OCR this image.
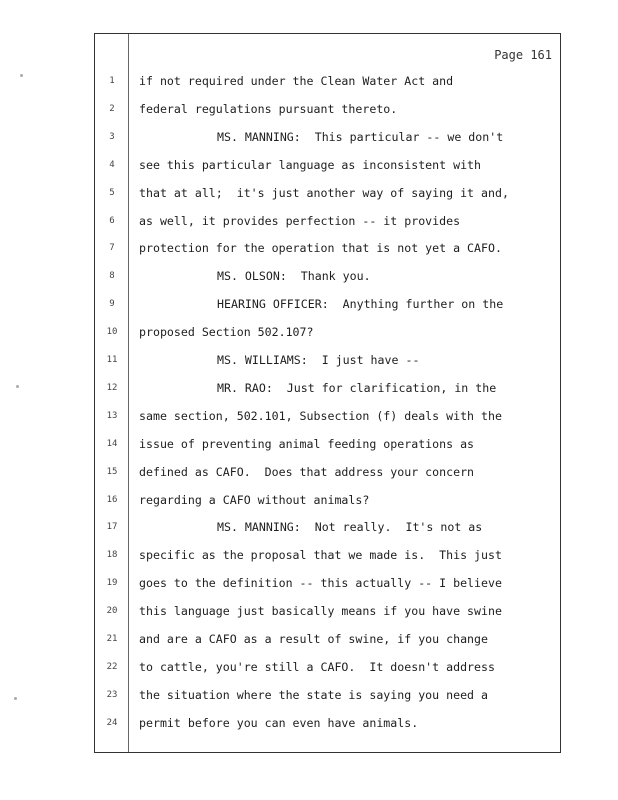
Page 161
1	if not required under the Clean Water Act and
2	federal regulations pursuant thereto.
3	MS. MANNING:  This particular -- we don't
4	see this particular language as inconsistent with
5	that at all;  it's just another way of saying it and,
6	as well, it provides perfection -- it provides
7	protection for the operation that is not yet a CAFO.
8	MS. OLSON:  Thank you.
9	HEARING OFFICER:  Anything further on the
10	proposed Section 502.107?
11	MS. WILLIAMS:  I just have --
12	MR. RAO:  Just for clarification, in the
13	same section, 502.101, Subsection (f) deals with the
14	issue of preventing animal feeding operations as
15	defined as CAFO.  Does that address your concern
16	regarding a CAFO without animals?
17	MS. MANNING:  Not really.  It's not as
18	specific as the proposal that we made is.  This just
19	goes to the definition -- this actually -- I believe
20	this language just basically means if you have swine
21	and are a CAFO as a result of swine, if you change
22	to cattle, you're still a CAFO.  It doesn't address
23	the situation where the state is saying you need a
24	permit before you can even have animals.
